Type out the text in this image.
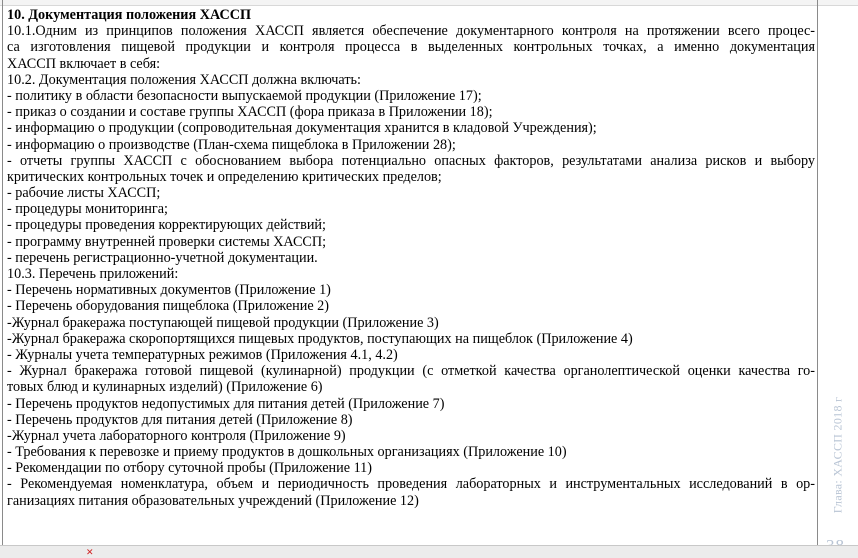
10. Документация положения ХАССП
10.1.Одним из принципов положения ХАССП является обеспечение документарного контроля на протяжении всего процес-
са изготовления пищевой продукции и контроля процесса в выделенных контрольных точках, а именно документация
ХАССП включает в себя:
10.2. Документация положения ХАССП должна включать:
- политику в области безопасности выпускаемой продукции (Приложение 17);
- приказ о создании и составе группы ХАССП (фора приказа в Приложении 18);
- информацию о продукции (сопроводительная документация хранится в кладовой Учреждения);
- информацию о производстве (План-схема пищеблока в Приложении 28);
- отчеты группы ХАССП с обоснованием выбора потенциально опасных факторов, результатами анализа рисков и выбору
критических контрольных точек и определению критических пределов;
- рабочие листы ХАССП;
- процедуры мониторинга;
- процедуры проведения корректирующих действий;
- программу внутренней проверки системы ХАССП;
- перечень регистрационно-учетной документации.
10.3. Перечень приложений:
- Перечень нормативных документов (Приложение 1)
- Перечень оборудования пищеблока (Приложение 2)
-Журнал бракеража поступающей пищевой продукции (Приложение 3)
-Журнал бракеража скоропортящихся пищевых продуктов, поступающих на пищеблок (Приложение 4)
- Журналы учета температурных режимов (Приложения 4.1, 4.2)
- Журнал бракеража готовой пищевой (кулинарной) продукции (с отметкой качества органолептической оценки качества го-
товых блюд и кулинарных изделий) (Приложение 6)
- Перечень продуктов недопустимых для питания детей (Приложение 7)
- Перечень продуктов для питания детей (Приложение 8)
-Журнал учета лабораторного контроля (Приложение 9)
- Требования к перевозке и приему продуктов в дошкольных организациях (Приложение 10)
- Рекомендации по отбору суточной пробы (Приложение 11)
- Рекомендуемая номенклатура, объем и периодичность проведения лабораторных и инструментальных исследований в ор-
ганизациях питания образовательных учреждений (Приложение 12)	Глава: ХАССП 2018 г
✕
